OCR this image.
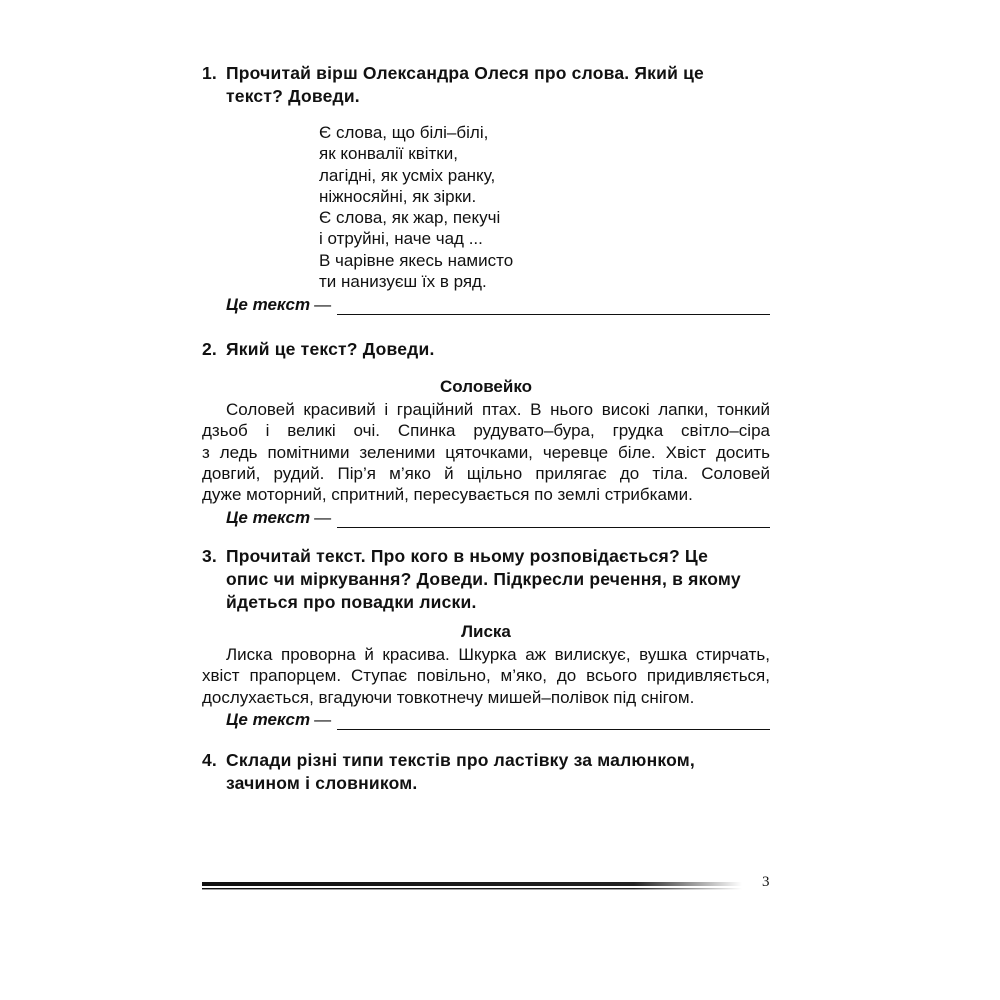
1. Прочитай вірш Олександра Олеся про слова. Який це
текст? Доведи.
Є слова, що білі–білі,
як конвалії квітки,
лагідні, як усміх ранку,
ніжносяйні, як зірки.
Є слова, як жар, пекучі
і отруйні, наче чад ...
В чарівне якесь намисто
ти нанизуєш їх в ряд.
Це текст —
2. Який це текст? Доведи.
Соловейко
Соловей красивий і граційний птах. В нього високі лапки, тонкий
дзьоб і великі очі. Спинка рудувато–бура, грудка світло–сіра
з ледь помітними зеленими цяточками, черевце біле. Хвіст досить
довгий, рудий. Пір’я м’яко й щільно прилягає до тіла. Соловей
дуже моторний, спритний, пересувається по землі стрибками.
Це текст —
3. Прочитай текст. Про кого в ньому розповідається? Це
опис чи міркування? Доведи. Підкресли речення, в якому
йдеться про повадки лиски.
Лиска
Лиска проворна й красива. Шкурка аж вилискує, вушка стирчать,
хвіст прапорцем. Ступає повільно, м’яко, до всього придивляється,
дослухається, вгадуючи товкотнечу мишей–полівок під снігом.
Це текст —
4. Склади різні типи текстів про ластівку за малюнком,
зачином і словником.
3
